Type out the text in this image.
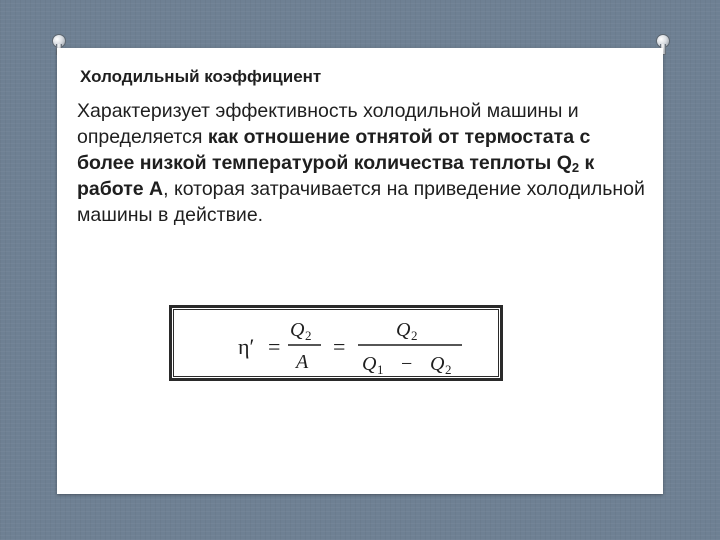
Холодильный коэффициент

Характеризует эффективность холодильной машины и определяется как отношение отнятой от термостата с более низкой температурой количества теплоты $Q_2$ к работе А, которая затрачивается на приведение холодильной машины в действие.

η′ =
Q 2
A
=
Q 2
Q 1 − Q 2
